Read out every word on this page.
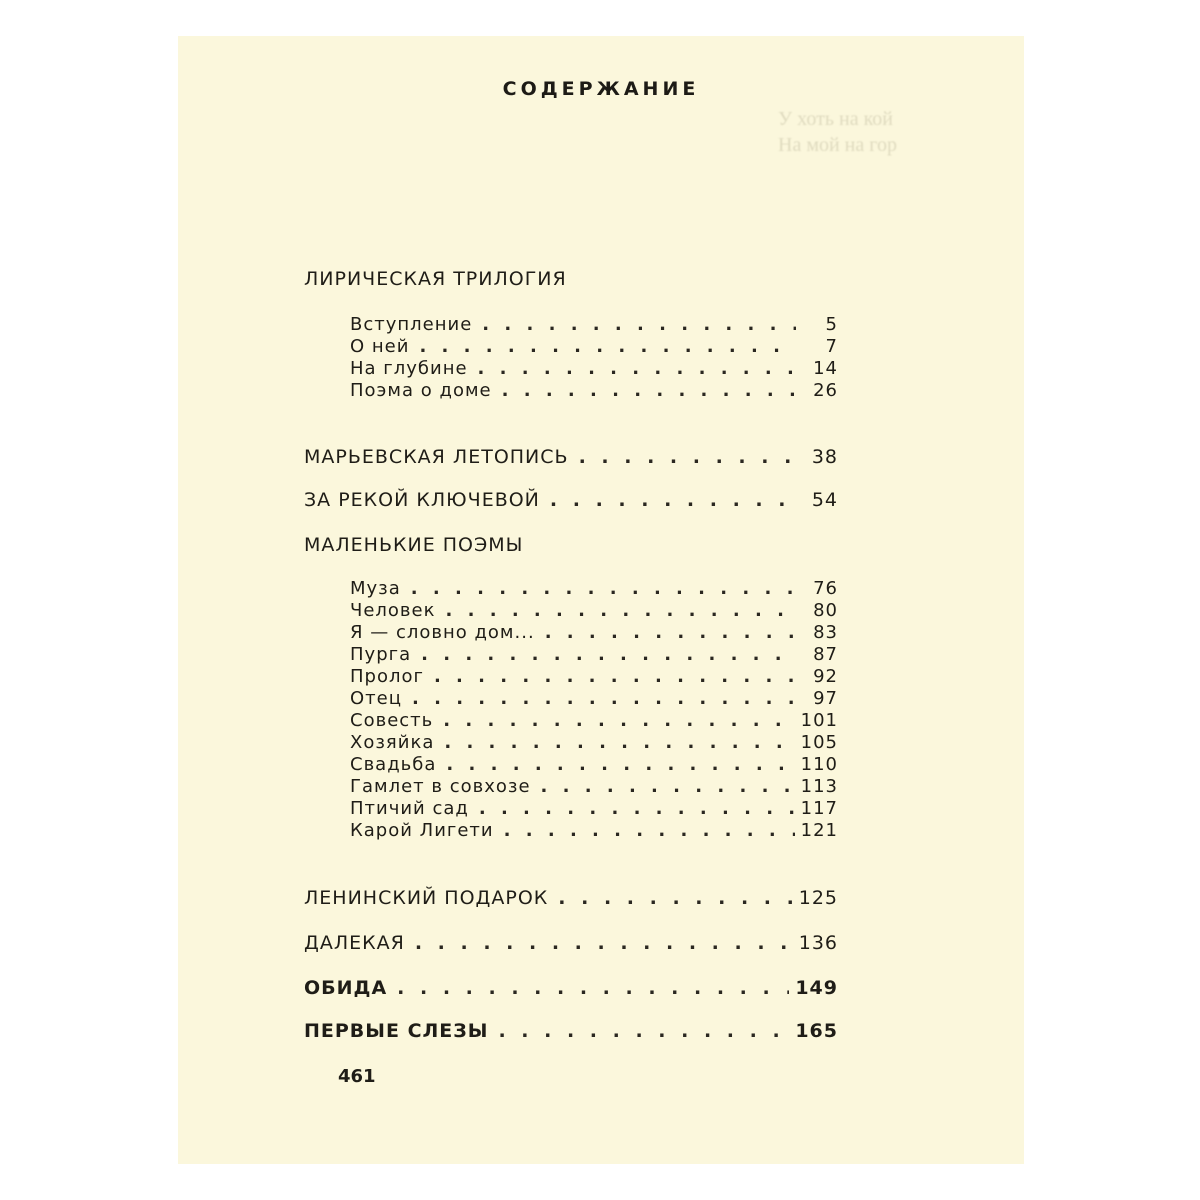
У хоть на кой
На мой на гор
СОДЕРЖАНИЕ
ЛИРИЧЕСКАЯ ТРИЛОГИЯ
Вступление . . .	5
О ней . . .	7
На глубине . . .	14
Поэма о доме . . .	26
МАРЬЕВСКАЯ ЛЕТОПИСЬ . . .	38
ЗА РЕКОЙ КЛЮЧЕВОЙ . . .	54
МАЛЕНЬКИЕ ПОЭМЫ
Муза . . .	76
Человек . . .	80
Я — словно дом... . . .	83
Пурга . . .	87
Пролог . . .	92
Отец . . .	97
Совесть . . .	101
Хозяйка . . .	105
Свадьба . . .	110
Гамлет в совхозе . . .	113
Птичий сад . . .	117
Карой Лигети . . .	121
ЛЕНИНСКИЙ ПОДАРОК . . .	125
ДАЛЕКАЯ . . .	136
ОБИДА . . .	149
ПЕРВЫЕ СЛЕЗЫ . . .	165
461
